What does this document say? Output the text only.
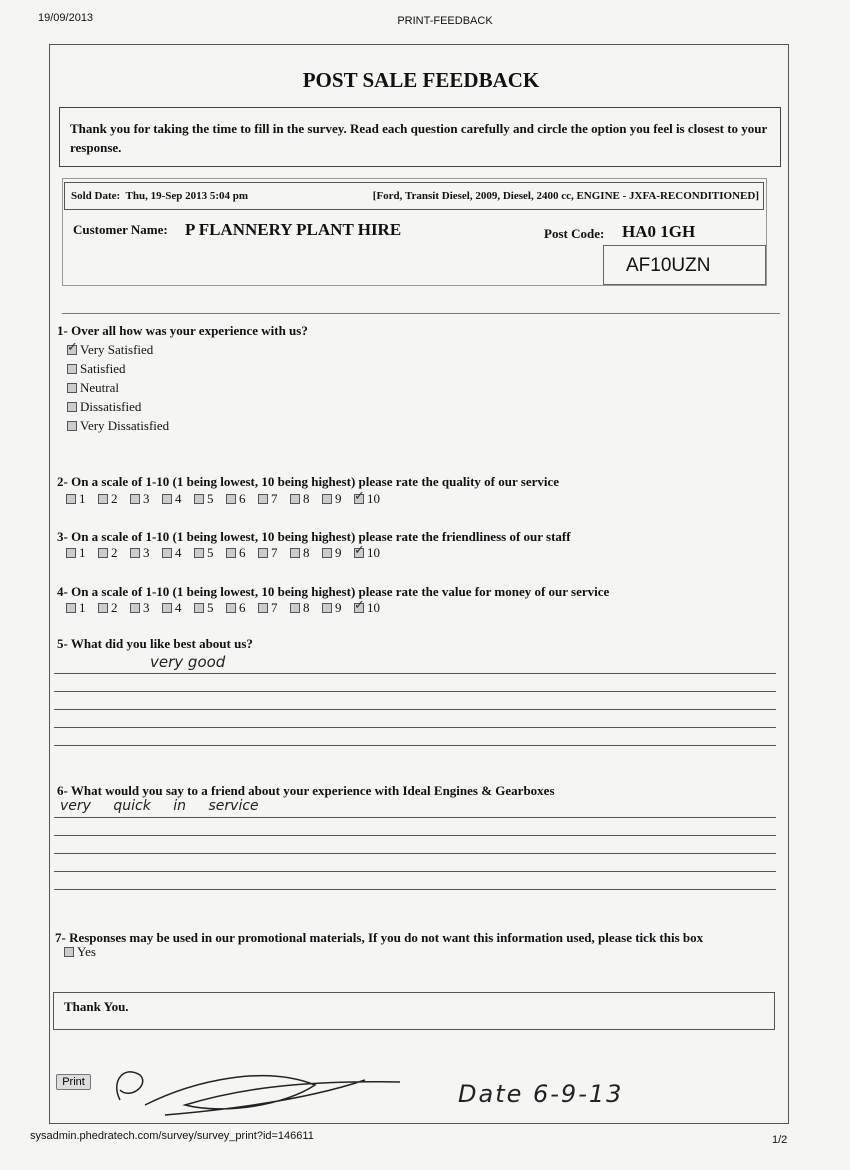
19/09/2013	PRINT-FEEDBACK
POST SALE FEEDBACK
Thank you for taking the time to fill in the survey. Read each question carefully and circle the option you feel is closest to your response.
Sold Date: Thu, 19-Sep 2013 5:04 pm	[Ford, Transit Diesel, 2009, Diesel, 2400 cc, ENGINE - JXFA-RECONDITIONED]
Customer Name: P FLANNERY PLANT HIRE	Post Code: HA0 1GH
AF10UZN
1- Over all how was your experience with us?
✓
Very Satisfied
Satisfied
Neutral
Dissatisfied
Very Dissatisfied
2- On a scale of 1-10 (1 being lowest, 10 being highest) please rate the quality of our service
1 2 3 4 5 6 7 8 9 ✓ 10
3- On a scale of 1-10 (1 being lowest, 10 being highest) please rate the friendliness of our staff
1 2 3 4 5 6 7 8 9 ✓ 10
4- On a scale of 1-10 (1 being lowest, 10 being highest) please rate the value for money of our service
1 2 3 4 5 6 7 8 9 ✓ 10
5- What did you like best about us?
very good
6- What would you say to a friend about your experience with Ideal Engines & Gearboxes
very quick in service
7- Responses may be used in our promotional materials, If you do not want this information used, please tick this box
Yes
Thank You.
Print	Date 6-9-13
sysadmin.phedratech.com/survey/survey_print?id=146611	1/2
